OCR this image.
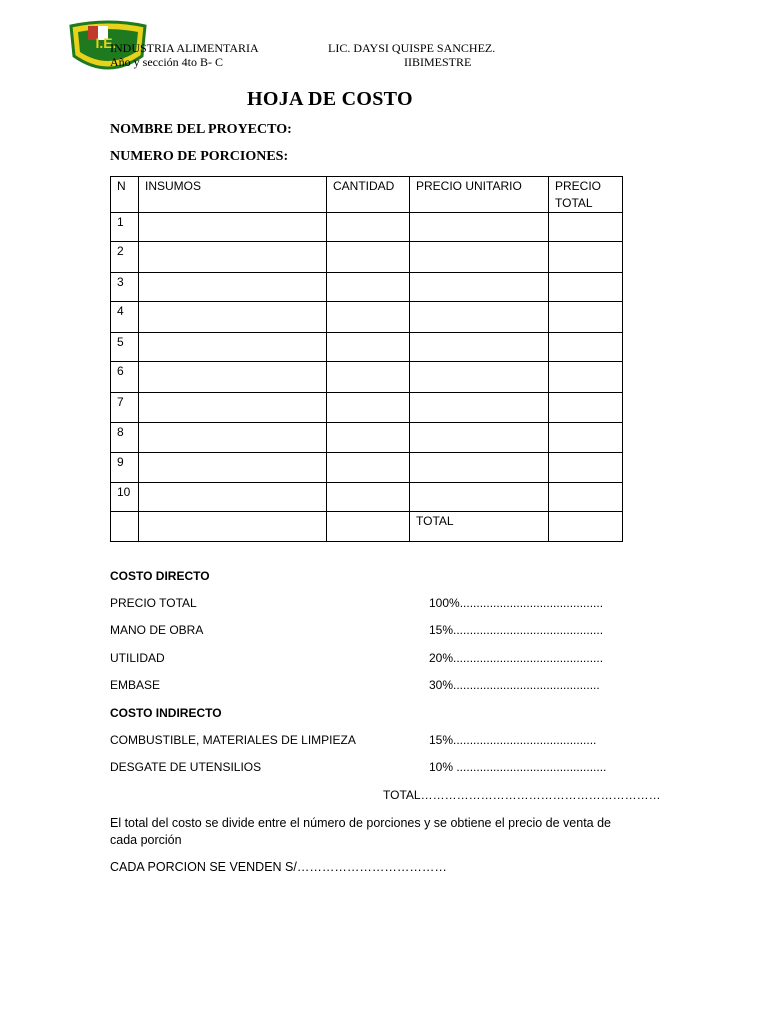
I.E.
INDUSTRIA ALIMENTARIA
Año y sección 4to B- C
LIC. DAYSI QUISPE SANCHEZ.
IIBIMESTRE
HOJA DE COSTO
NOMBRE DEL PROYECTO:
NUMERO DE PORCIONES:
N	INSUMOS	CANTIDAD	PRECIO UNITARIO	PRECIO TOTAL
1				
2				
3				
4				
5				
6				
7				
8				
9				
10				
			TOTAL	
COSTO DIRECTO
PRECIO TOTAL	100%...........................................
MANO DE OBRA	15%.............................................
UTILIDAD	20%.............................................
EMBASE	30%............................................
COSTO INDIRECTO
COMBUSTIBLE, MATERIALES DE LIMPIEZA	15%...........................................
DESGATE DE UTENSILIOS	10% .............................................
TOTAL……………………………………………………
El total del costo se divide entre el número de porciones y se obtiene el precio de venta de cada porción
CADA PORCION SE VENDEN S/………………………………
